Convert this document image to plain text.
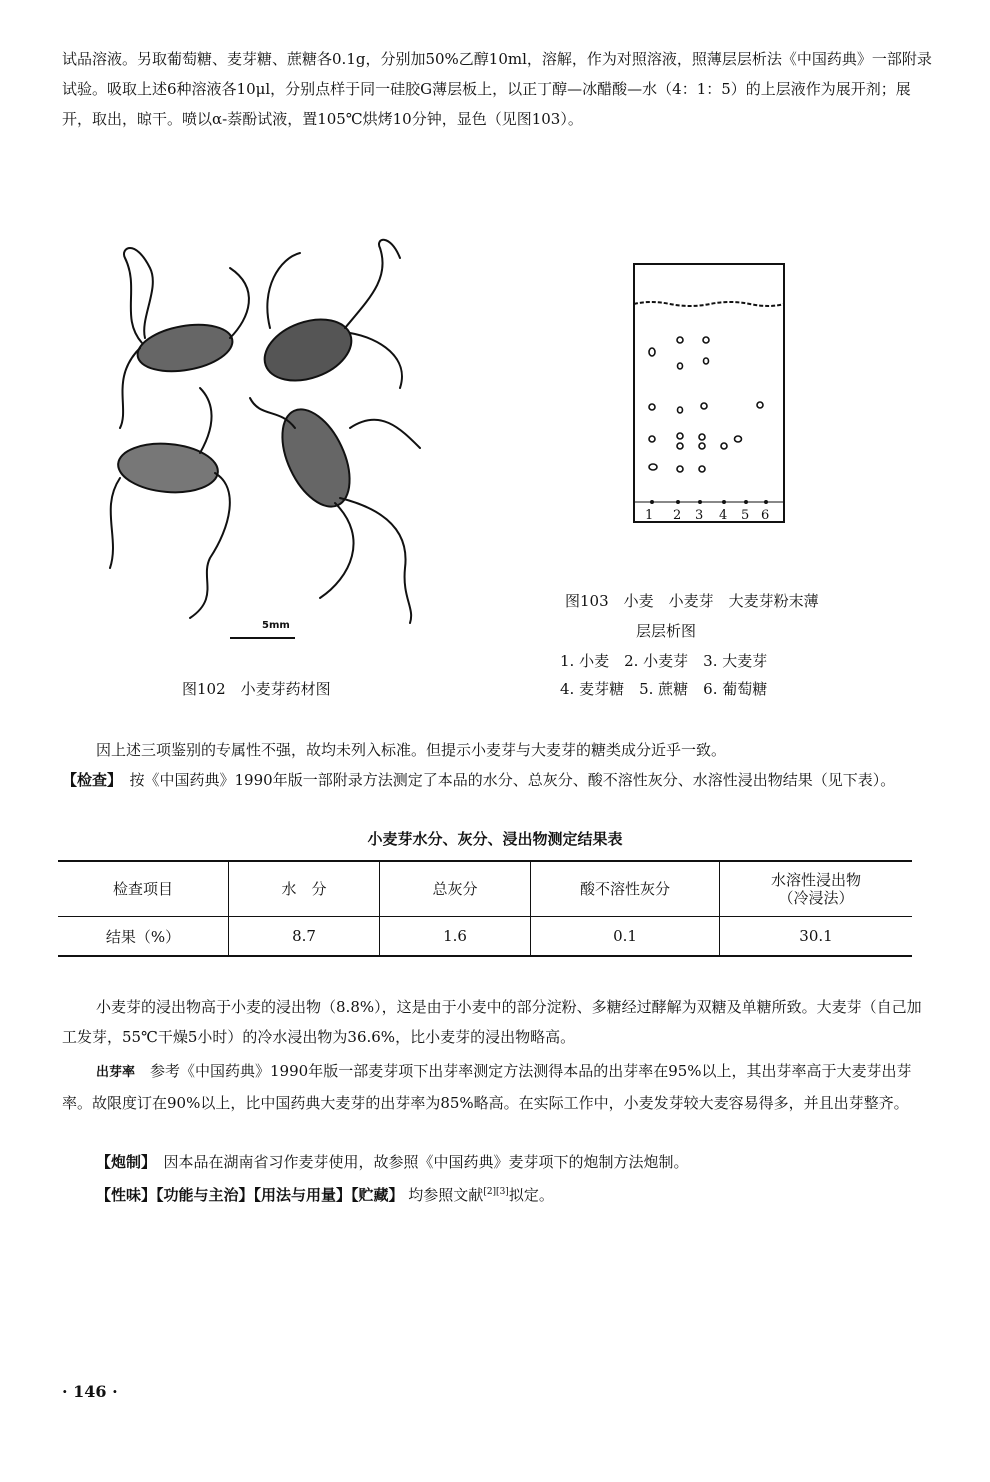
试品溶液。另取葡萄糖、麦芽糖、蔗糖各0.1g，分别加50%乙醇10ml，溶解，作为对照溶液，照薄层层析法《中国药典》一部附录试验。吸取上述6种溶液各10μl，分别点样于同一硅胶G薄层板上，以正丁醇—冰醋酸—水（4：1：5）的上层液作为展开剂；展开，取出，晾干。喷以α-萘酚试液，置105℃烘烤10分钟，显色（见图103）。
5mm
图102　小麦芽药材图
1 2 3 4 5 6
图103　小麦　小麦芽　大麦芽粉末薄
层层析图
1. 小麦　2. 小麦芽　3. 大麦芽
4. 麦芽糖　5. 蔗糖　6. 葡萄糖
因上述三项鉴别的专属性不强，故均未列入标准。但提示小麦芽与大麦芽的糖类成分近乎一致。
【检查】　按《中国药典》1990年版一部附录方法测定了本品的水分、总灰分、酸不溶性灰分、水溶性浸出物结果（见下表）。
小麦芽水分、灰分、浸出物测定结果表
检查项目	水　分	总灰分	酸不溶性灰分	水溶性浸出物
（冷浸法）

结果（%）	8.7	1.6	0.1	30.1
小麦芽的浸出物高于小麦的浸出物（8.8%），这是由于小麦中的部分淀粉、多糖经过酵解为双糖及单糖所致。大麦芽（自己加工发芽，55℃干燥5小时）的冷水浸出物为36.6%，比小麦芽的浸出物略高。
出芽率　参考《中国药典》1990年版一部麦芽项下出芽率测定方法测得本品的出芽率在95%以上，其出芽率高于大麦芽出芽率。故限度订在90%以上，比中国药典大麦芽的出芽率为85%略高。在实际工作中，小麦发芽较大麦容易得多，并且出芽整齐。
【炮制】　因本品在湖南省习作麦芽使用，故参照《中国药典》麦芽项下的炮制方法炮制。
【性味】【功能与主治】【用法与用量】【贮藏】 均参照文献[2][3]拟定。
· 146 ·
